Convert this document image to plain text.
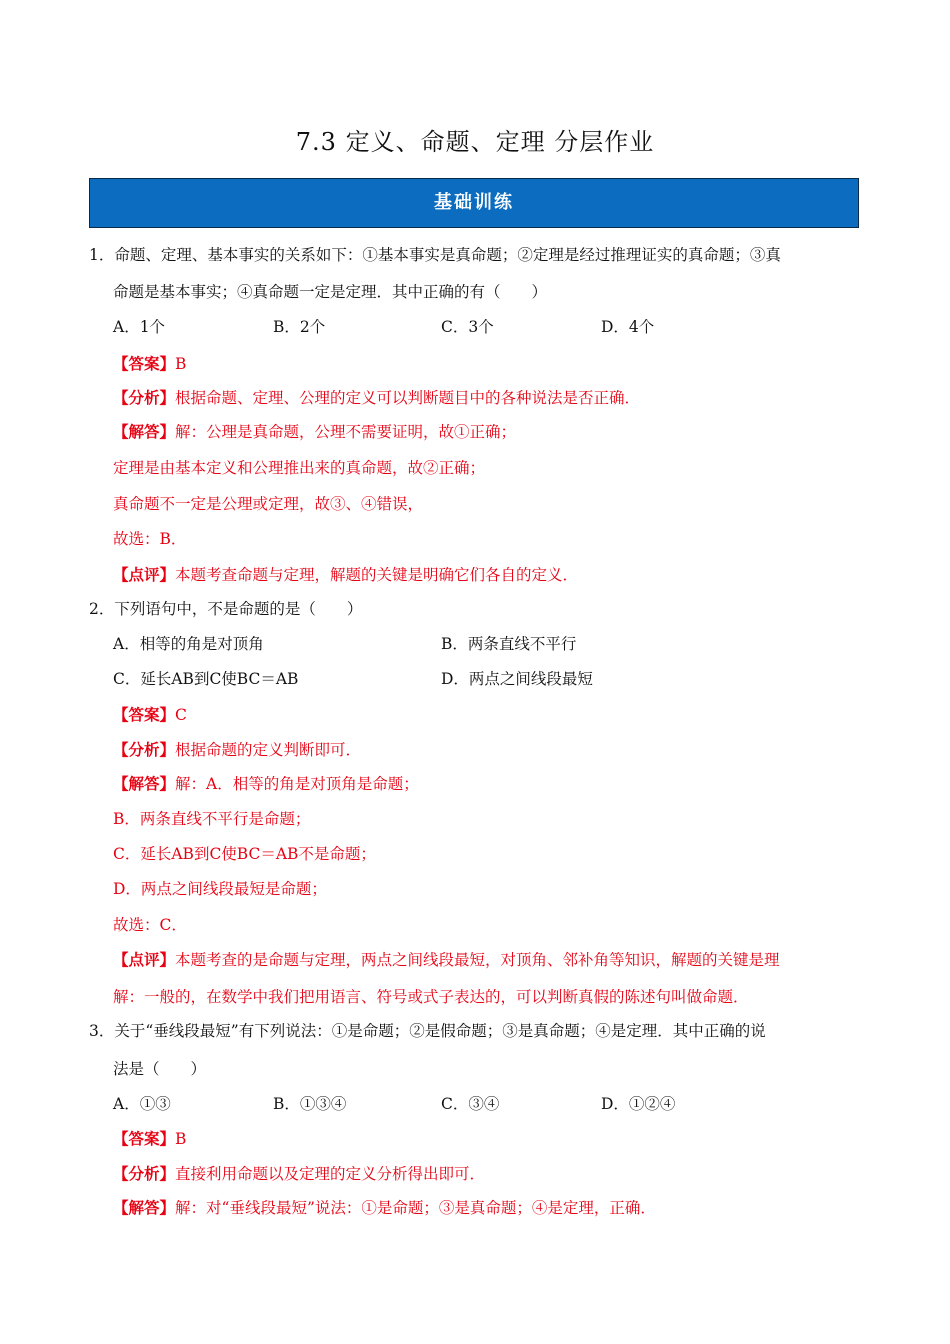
7.3 定义、命题、定理 分层作业
基础训练
1．命题、定理、基本事实的关系如下：①基本事实是真命题；②定理是经过推理证实的真命题；③真
命题是基本事实；④真命题一定是定理．其中正确的有（　　）
A．1个	B．2个	C．3个	D．4个
【答案】B
【分析】根据命题、定理、公理的定义可以判断题目中的各种说法是否正确．
【解答】解：公理是真命题，公理不需要证明，故①正确；
定理是由基本定义和公理推出来的真命题，故②正确；
真命题不一定是公理或定理，故③、④错误，
故选：B．
【点评】本题考查命题与定理，解题的关键是明确它们各自的定义．
2．下列语句中，不是命题的是（　　）
A．相等的角是对顶角	B．两条直线不平行
C．延长AB到C使BC＝AB	D．两点之间线段最短
【答案】C
【分析】根据命题的定义判断即可．
【解答】解：A．相等的角是对顶角是命题；
B．两条直线不平行是命题；
C．延长AB到C使BC＝AB不是命题；
D．两点之间线段最短是命题；
故选：C．
【点评】本题考查的是命题与定理，两点之间线段最短，对顶角、邻补角等知识，解题的关键是理
解：一般的，在数学中我们把用语言、符号或式子表达的，可以判断真假的陈述句叫做命题．
3．关于“垂线段最短”有下列说法：①是命题；②是假命题；③是真命题；④是定理．其中正确的说
法是（　　）
A．①③	B．①③④	C．③④	D．①②④
【答案】B
【分析】直接利用命题以及定理的定义分析得出即可．
【解答】解：对“垂线段最短”说法：①是命题；③是真命题；④是定理，正确．
